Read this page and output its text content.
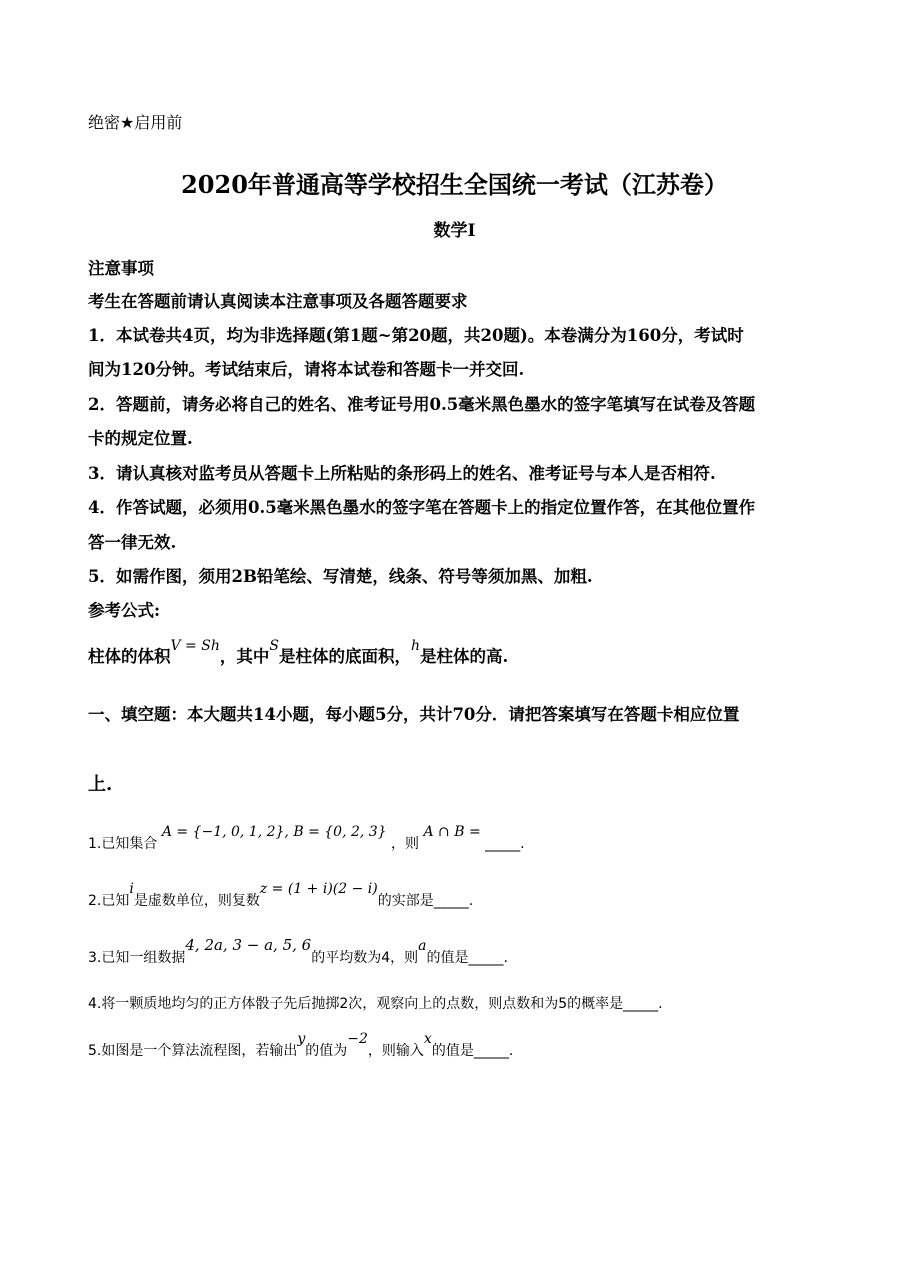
绝密★启用前
2020年普通高等学校招生全国统一考试（江苏卷）
数学I
注意事项
考生在答题前请认真阅读本注意事项及各题答题要求
1．本试卷共4页，均为非选择题(第1题~第20题，共20题)。本卷满分为160分，考试时
间为120分钟。考试结束后，请将本试卷和答题卡一并交回.
2．答题前，请务必将自己的姓名、准考证号用0.5毫米黑色墨水的签字笔填写在试卷及答题
卡的规定位置.
3．请认真核对监考员从答题卡上所粘贴的条形码上的姓名、准考证号与本人是否相符.
4．作答试题，必须用0.5毫米黑色墨水的签字笔在答题卡上的指定位置作答，在其他位置作
答一律无效.
5．如需作图，须用2B铅笔绘、写清楚，线条、符号等须加黑、加粗.
参考公式:
柱体的体积$^{V = Sh}$，其中$^S$是柱体的底面积，$^h$是柱体的高.
一、填空题：本大题共14小题，每小题5分，共计70分．请把答案填写在答题卡相应位置
上.
1.已知集合 A = {−1, 0, 1, 2}, B = {0, 2, 3} ，则 A ∩ B = _____.
2.已知i是虚数单位，则复数z = (1 + i)(2 − i)的实部是_____.
3.已知一组数据4, 2a, 3 − a, 5, 6的平均数为4，则a的值是_____.
4.将一颗质地均匀的正方体骰子先后抛掷2次，观察向上的点数，则点数和为5的概率是_____.
5.如图是一个算法流程图，若输出y的值为−2，则输入x的值是_____.
